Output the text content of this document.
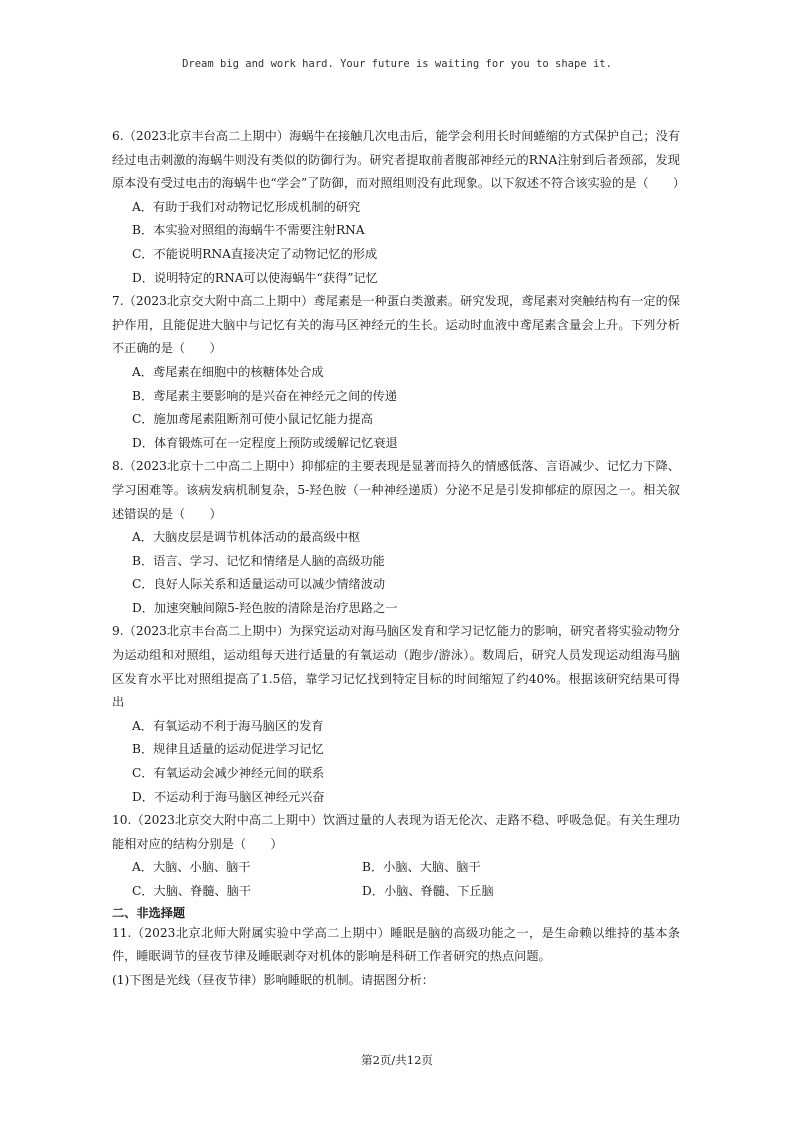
Dream big and work hard. Your future is waiting for you to shape it.

6.（2023北京丰台高二上期中）海蜗牛在接触几次电击后，能学会利用长时间蜷缩的方式保护自己；没有经过电击刺激的海蜗牛则没有类似的防御行为。研究者提取前者腹部神经元的RNA注射到后者颈部，发现原本没有受过电击的海蜗牛也“学会”了防御，而对照组则没有此现象。以下叙述不符合该实验的是（　　）

A．有助于我们对动物记忆形成机制的研究

B．本实验对照组的海蜗牛不需要注射RNA

C．不能说明RNA直接决定了动物记忆的形成

D．说明特定的RNA可以使海蜗牛“获得”记忆

7.（2023北京交大附中高二上期中）鸢尾素是一种蛋白类激素。研究发现，鸢尾素对突触结构有一定的保护作用，且能促进大脑中与记忆有关的海马区神经元的生长。运动时血液中鸢尾素含量会上升。下列分析不正确的是（　　）

A．鸢尾素在细胞中的核糖体处合成

B．鸢尾素主要影响的是兴奋在神经元之间的传递

C．施加鸢尾素阻断剂可使小鼠记忆能力提高

D．体育锻炼可在一定程度上预防或缓解记忆衰退

8.（2023北京十二中高二上期中）抑郁症的主要表现是显著而持久的情感低落、言语减少、记忆力下降、学习困难等。该病发病机制复杂，5-羟色胺（一种神经递质）分泌不足是引发抑郁症的原因之一。相关叙述错误的是（　　）

A．大脑皮层是调节机体活动的最高级中枢

B．语言、学习、记忆和情绪是人脑的高级功能

C．良好人际关系和适量运动可以减少情绪波动

D．加速突触间隙5-羟色胺的清除是治疗思路之一

9.（2023北京丰台高二上期中）为探究运动对海马脑区发育和学习记忆能力的影响，研究者将实验动物分为运动组和对照组，运动组每天进行适量的有氧运动（跑步/游泳）。数周后，研究人员发现运动组海马脑区发育水平比对照组提高了1.5倍，靠学习记忆找到特定目标的时间缩短了约40%。根据该研究结果可得出

A．有氧运动不利于海马脑区的发育

B．规律且适量的运动促进学习记忆

C．有氧运动会减少神经元间的联系

D．不运动利于海马脑区神经元兴奋

10.（2023北京交大附中高二上期中）饮酒过量的人表现为语无伦次、走路不稳、呼吸急促。有关生理功能相对应的结构分别是（　　）

A．大脑、小脑、脑干	B．小脑、大脑、脑干
C．大脑、脊髓、脑干	D．小脑、脊髓、下丘脑

二、非选择题

11.（2023北京北师大附属实验中学高二上期中）睡眠是脑的高级功能之一，是生命赖以维持的基本条件，睡眠调节的昼夜节律及睡眠剥夺对机体的影响是科研工作者研究的热点问题。

(1)下图是光线（昼夜节律）影响睡眠的机制。请据图分析：

第2页/共12页
